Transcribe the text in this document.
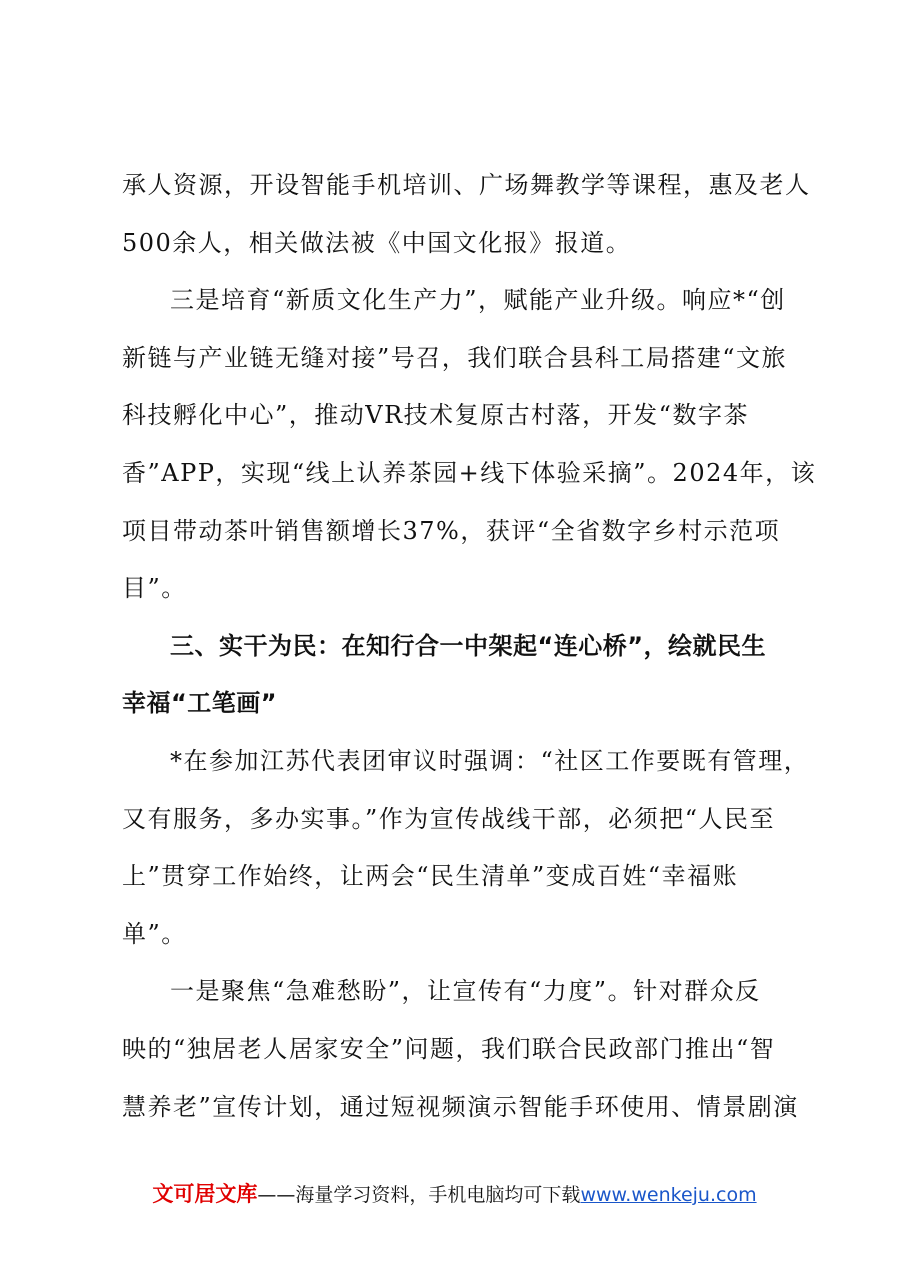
承人资源，开设智能手机培训、广场舞教学等课程，惠及老人
500余人，相关做法被《中国文化报》报道。
三是培育“新质文化生产力”，赋能产业升级。响应*“创
新链与产业链无缝对接”号召，我们联合县科工局搭建“文旅
科技孵化中心”，推动VR技术复原古村落，开发“数字茶
香”APP，实现“线上认养茶园+线下体验采摘”。2024年，该
项目带动茶叶销售额增长37%，获评“全省数字乡村示范项
目”。
三、实干为民：在知行合一中架起“连心桥”，绘就民生
幸福“工笔画”
*在参加江苏代表团审议时强调：“社区工作要既有管理，
又有服务，多办实事。”作为宣传战线干部，必须把“人民至
上”贯穿工作始终，让两会“民生清单”变成百姓“幸福账
单”。
一是聚焦“急难愁盼”，让宣传有“力度”。针对群众反
映的“独居老人居家安全”问题，我们联合民政部门推出“智
慧养老”宣传计划，通过短视频演示智能手环使用、情景剧演
文可居文库——海量学习资料，手机电脑均可下载www.wenkeju.com
